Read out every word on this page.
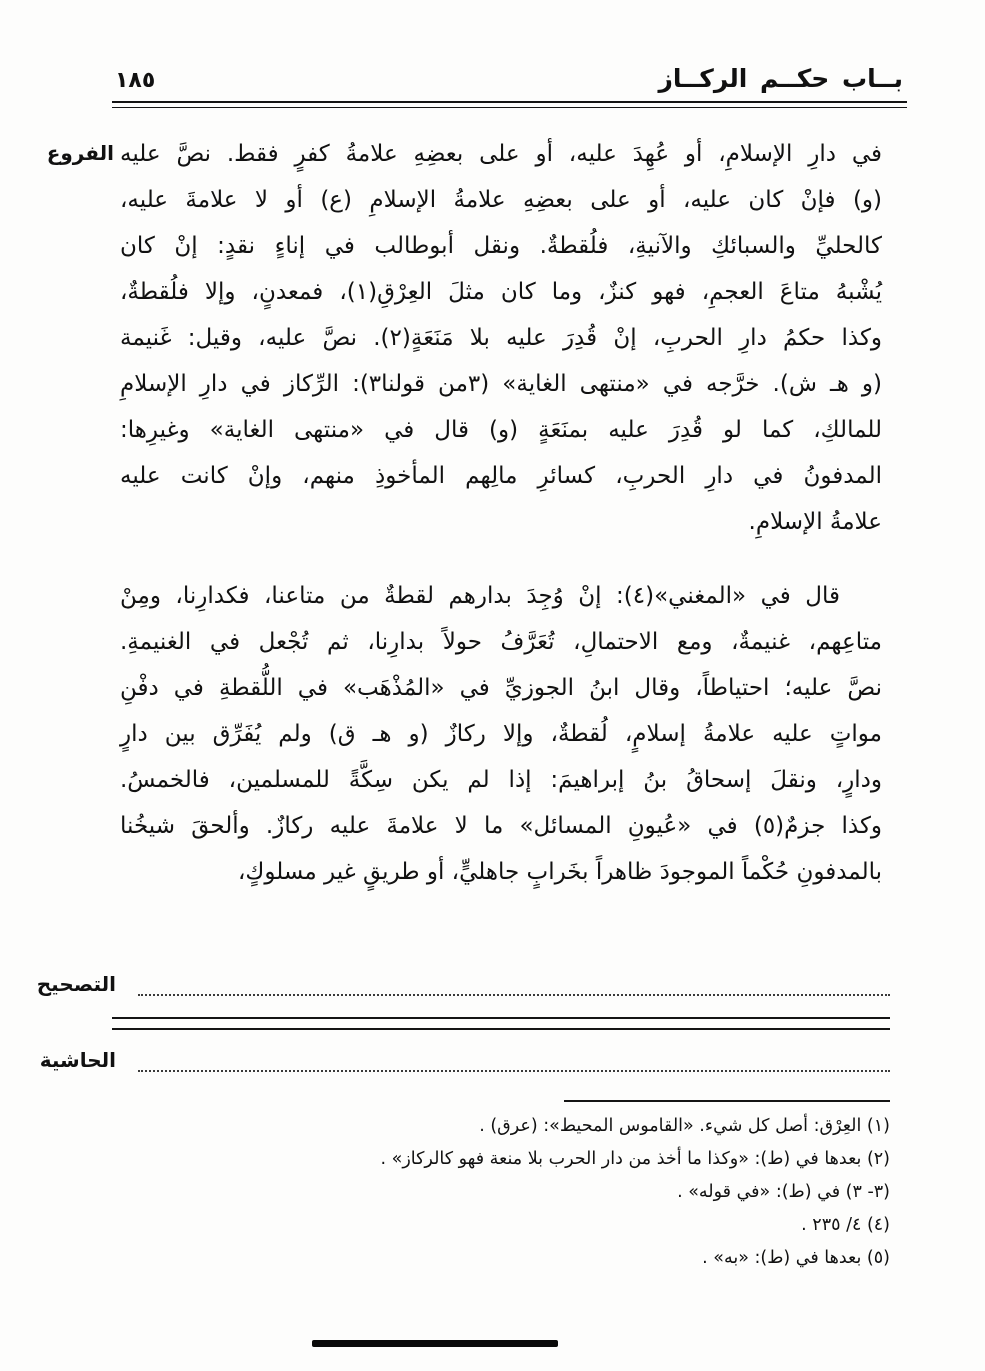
١٨٥	بــاب حكــم الركــاز
الفروع في دارِ الإسلامِ، أو عُهِدَ عليه، أو على بعضِهِ علامةُ كفرٍ فقط. نصَّ عليه
(و) فإنْ كان عليه، أو على بعضِهِ علامةُ الإسلامِ (ع) أو لا علامةَ عليه،
كالحليِّ والسبائكِ والآنيةِ، فلُقطةٌ. ونقل أبوطالب في إناءٍ نقدٍ: إنْ كان
يُشْبهُ متاعَ العجمِ، فهو كنزٌ، وما كان مثلَ العِرْقِ(١)، فمعدنٍ، وإلا فلُقطةٌ،
وكذا حكمُ دارِ الحربِ، إنْ قُدِرَ عليه بلا مَنَعَةٍ(٢). نصَّ عليه، وقيل: غَنيمة
(و هـ ش). خرَّجه في «منتهى الغاية» (٣من قولنا٣): الرِّكاز في دارِ الإسلامِ
للمالكِ، كما لو قُدِرَ عليه بمنَعَةٍ (و) قال في «منتهى الغاية» وغيرِها:
المدفونُ في دارِ الحربِ، كسائرِ مالِهم المأخوذِ منهم، وإنْ كانت عليه
علامةُ الإسلامِ.
قال في «المغني»(٤): إنْ وُجِدَ بدارهم لقطةٌ من متاعنا، فكدارِنا، ومِنْ
متاعِهم، غنيمةٌ، ومع الاحتمالِ، تُعَرَّفُ حولاً بدارِنا، ثم تُجْعل في الغنيمةِ.
نصَّ عليه؛ احتياطاً، وقال ابنُ الجوزيِّ في «المُذْهَب» في اللُّقطةِ في دفْنِ
مواتٍ عليه علامةُ إسلامٍ، لُقطةٌ، وإلا ركازٌ (و هـ ق) ولم يُفَرِّق بين دارٍ
ودارٍ، ونقلَ إسحاقُ بنُ إبراهيمَ: إذا لم يكن سِكَّةً للمسلمين، فالخمسُ.
وكذا جزمٌ(٥) في «عُيونِ المسائل» ما لا علامةَ عليه ركازٌ. وألحقَ شيخُنا
بالمدفونِ حُكْماً الموجودَ ظاهراً بخَرابٍ جاهليٍّ، أو طريقٍ غير مسلوكٍ،
التصحيح
الحاشية
(١) العِرْق: أصل كل شيء. «القاموس المحيط»: (عرق) .
(٢) بعدها في (ط): «وكذا ما أخذ من دار الحرب بلا منعة فهو كالركاز» .
(٣- ٣) في (ط): «في قوله» .
(٤) ٤/ ٢٣٥ .
(٥) بعدها في (ط): «به» .
